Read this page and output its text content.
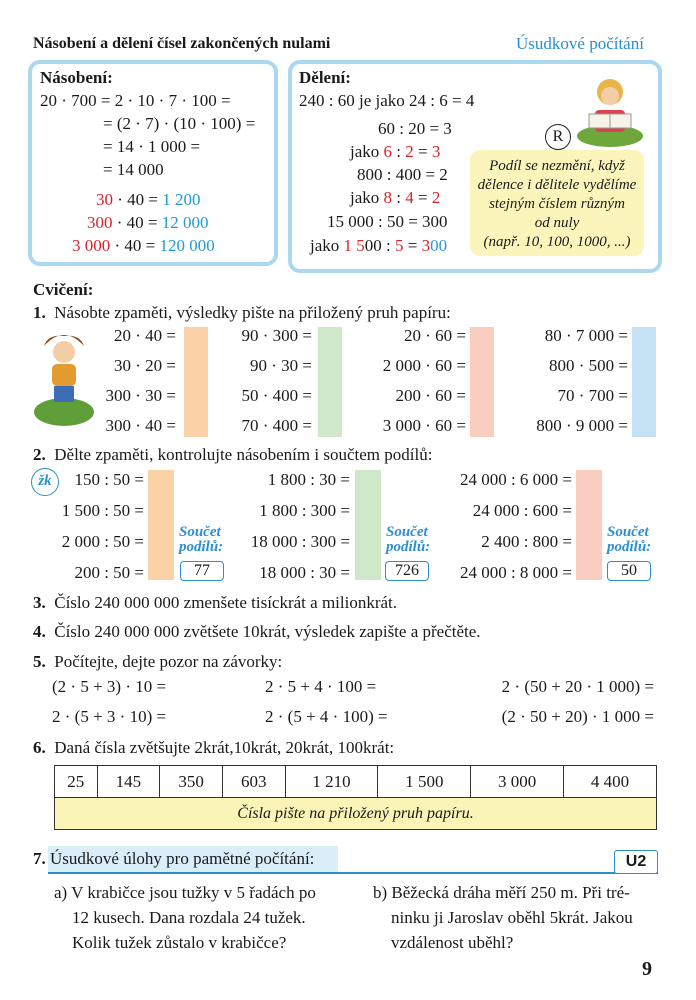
Násobení a dělení čísel zakončených nulami	Úsudkové počítání
Násobení:
20 · 700 = 2 · 10 · 7 · 100 =
= (2 · 7) · (10 · 100) =
= 14 · 1 000 =
= 14 000
30 · 40 = 1 200
300 · 40 = 12 000
3 000 · 40 = 120 000
Dělení:
240 : 60 je jako 24 : 6 = 4
60 : 20 = 3
jako 6 : 2 = 3
800 : 400 = 2
jako 8 : 4 = 2
15 000 : 50 = 300
jako 1 500 : 5 = 300
R
Podíl se nezmění, když
dělence i dělitele vydělíme
stejným číslem různým
od nuly
(např. 10, 100, 1000, ...)
Cvičení:
1. Násobte zpaměti, výsledky pište na přiložený pruh papíru:
20 · 40 =
30 · 20 =
300 · 30 =
300 · 40 =
90 · 300 =
90 · 30 =
50 · 400 =
70 · 400 =
20 · 60 =
2 000 · 60 =
200 · 60 =
3 000 · 60 =
80 · 7 000 =
800 · 500 =
70 · 700 =
800 · 9 000 =
2. Dělte zpaměti, kontrolujte násobením i součtem podílů:
žk	150 : 50 =
1 500 : 50 =
2 000 : 50 =
200 : 50 =
1 800 : 30 =
1 800 : 300 =
18 000 : 300 =
18 000 : 30 =
24 000 : 6 000 =
24 000 : 600 =
2 400 : 800 =
24 000 : 8 000 =
Součet
podílů:
77
Součet
podílů:
726
Součet
podílů:
50
3. Číslo 240 000 000 zmenšete tisíckrát a milionkrát.
4. Číslo 240 000 000 zvětšete 10krát, výsledek zapište a přečtěte.
5. Počítejte, dejte pozor na závorky:
(2 · 5 + 3) · 10 =	2 · 5 + 4 · 100 =	2 · (50 + 20 · 1 000) =
2 · (5 + 3 · 10) =	2 · (5 + 4 · 100) =	(2 · 50 + 20) · 1 000 =
6. Daná čísla zvětšujte 2krát,10krát, 20krát, 100krát:
25	145	350	603	1 210	1 500	3 000	4 400
Čísla pište na přiložený pruh papíru.
7. Úsudkové úlohy pro pamětné počítání:	U2
a) V krabičce jsou tužky v 5 řadách po
12 kusech. Dana rozdala 24 tužek.
Kolik tužek zůstalo v krabičce?
b) Běžecká dráha měří 250 m. Při tré-
ninku ji Jaroslav oběhl 5krát. Jakou
vzdálenost uběhl?
9
